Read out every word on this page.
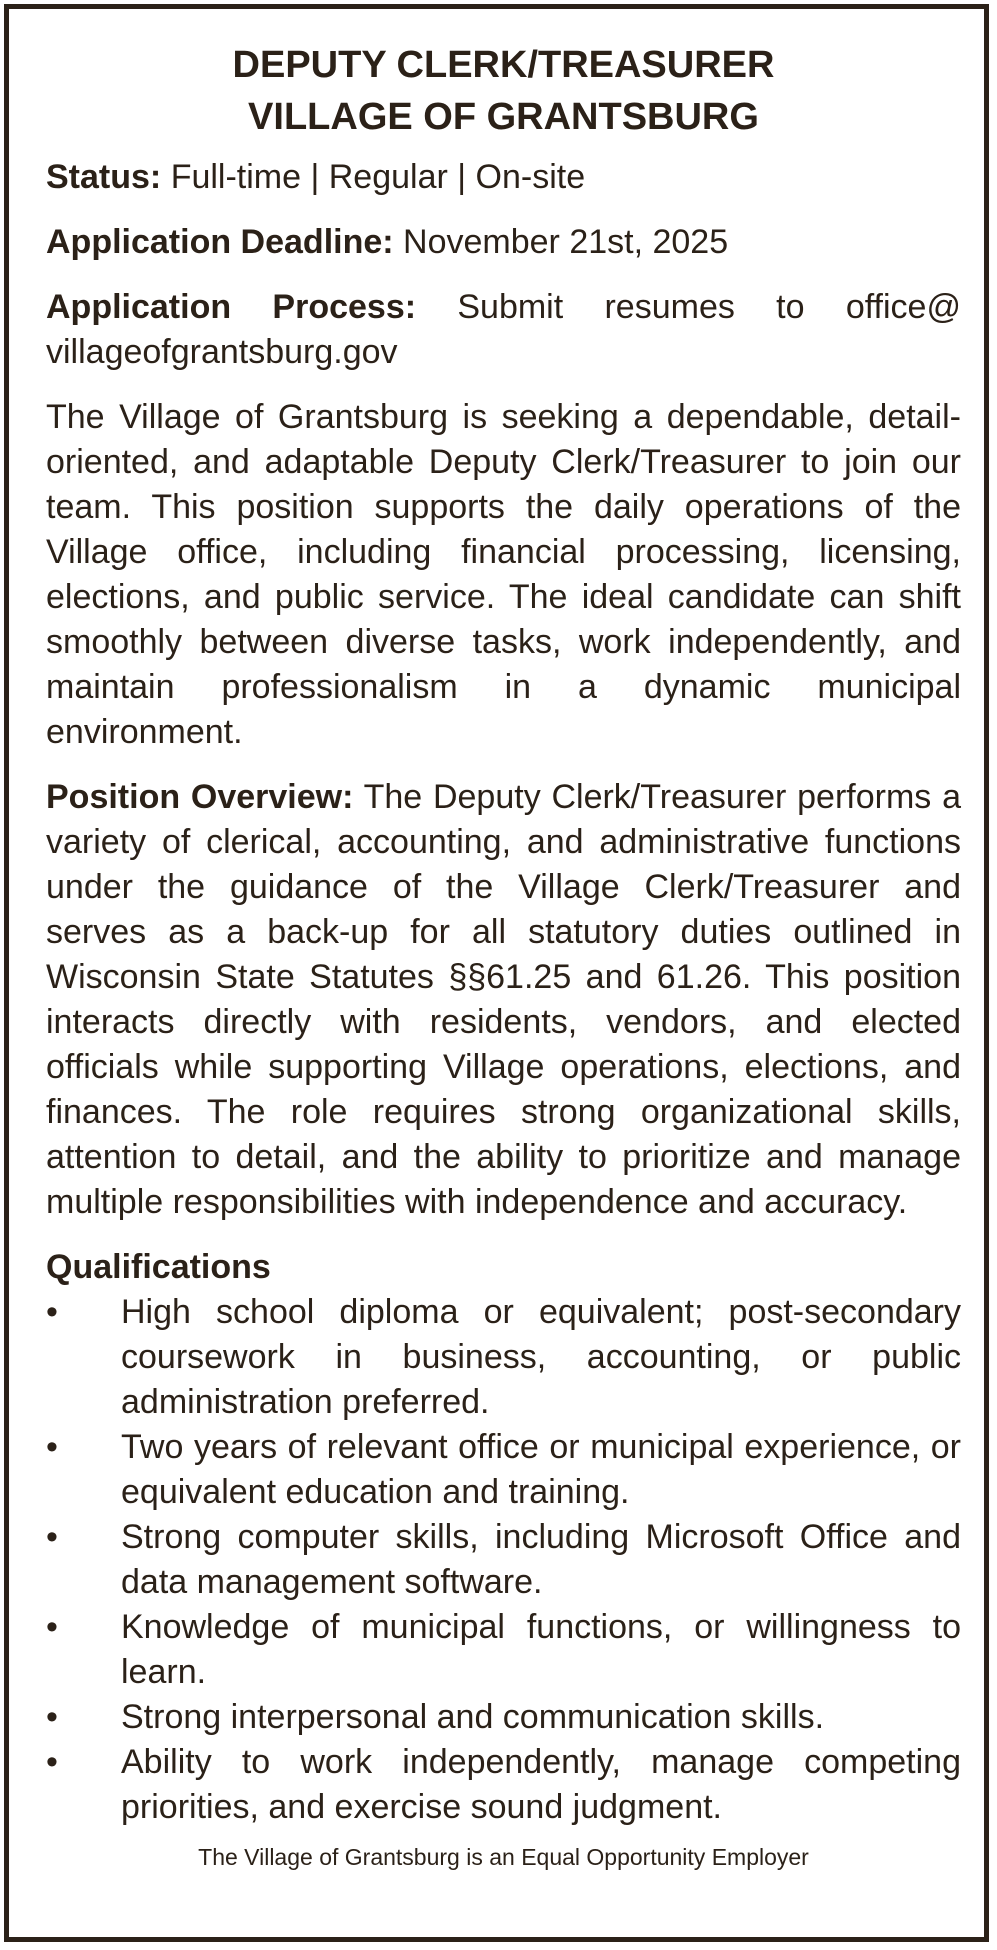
DEPUTY CLERK/TREASURER
VILLAGE OF GRANTSBURG

Status: Full-time | Regular | On-site

Application Deadline: November 21st, 2025

Application Process: Submit resumes to office@ villageofgrantsburg.gov

The Village of Grantsburg is seeking a dependable, detail-oriented, and adaptable Deputy Clerk/Treasurer to join our team. This position supports the daily operations of the Village office, including financial processing, licensing, elections, and public service. The ideal candidate can shift smoothly between diverse tasks, work independently, and maintain professionalism in a dynamic municipal environment.

Position Overview: The Deputy Clerk/Treasurer performs a variety of clerical, accounting, and administrative functions under the guidance of the Village Clerk/Treasurer and serves as a back-up for all statutory duties outlined in Wisconsin State Statutes §§61.25 and 61.26. This position interacts directly with residents, vendors, and elected officials while supporting Village operations, elections, and finances. The role requires strong organizational skills, attention to detail, and the ability to prioritize and manage multiple responsibilities with independence and accuracy.

Qualifications

• High school diploma or equivalent; post-secondary coursework in business, accounting, or public administration preferred.
• Two years of relevant office or municipal experience, or equivalent education and training.
• Strong computer skills, including Microsoft Office and data management software.
• Knowledge of municipal functions, or willingness to learn.
• Strong interpersonal and communication skills.
• Ability to work independently, manage competing priorities, and exercise sound judgment.
The Village of Grantsburg is an Equal Opportunity Employer
